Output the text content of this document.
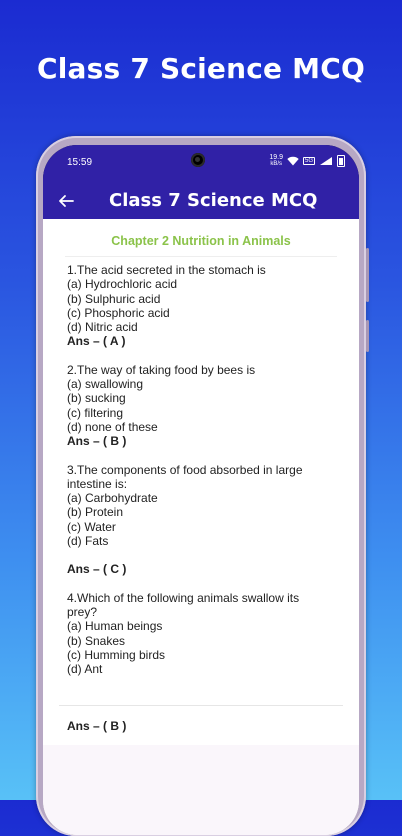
Class 7 Science MCQ
15:59	19.9
kB/s	5G
Class 7 Science MCQ
Chapter 2 Nutrition in Animals
1.The acid secreted in the stomach is
(a) Hydrochloric acid
(b) Sulphuric acid
(c) Phosphoric acid
(d) Nitric acid
Ans – ( A )
2.The way of taking food by bees is
(a) swallowing
(b) sucking
(c) filtering
(d) none of these
Ans – ( B )
3.The components of food absorbed in large intestine is:
(a) Carbohydrate
(b) Protein
(c) Water
(d) Fats
Ans – ( C )
4.Which of the following animals swallow its prey?
(a) Human beings
(b) Snakes
(c) Humming birds
(d) Ant
Ans – ( B )
